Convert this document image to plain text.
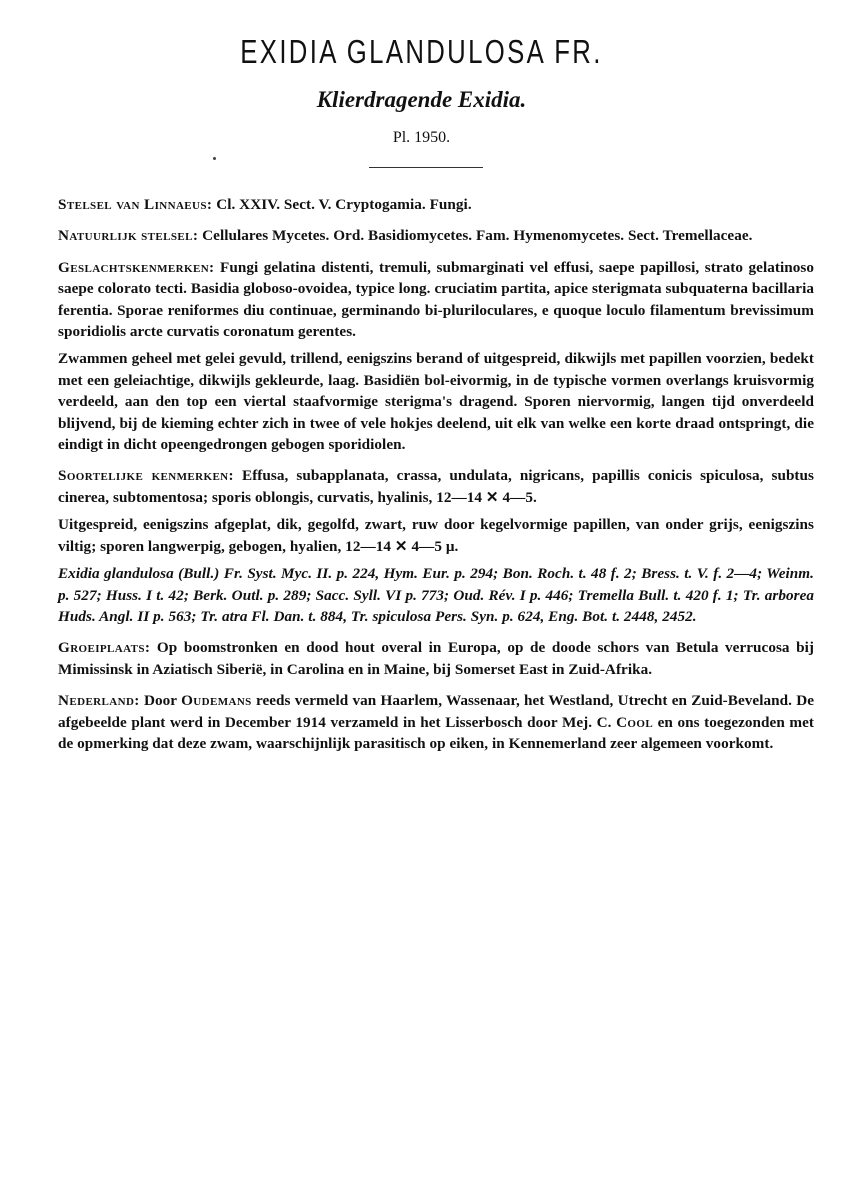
EXIDIA GLANDULOSA FR.
Klierdragende Exidia.
Pl. 1950.

Stelsel van Linnaeus: Cl. XXIV. Sect. V. Cryptogamia. Fungi.

Natuurlijk stelsel: Cellulares Mycetes. Ord. Basidiomycetes. Fam. Hymenomycetes. Sect. Tremellaceae.

Geslachtskenmerken: Fungi gelatina distenti, tremuli, submarginati vel effusi, saepe papillosi, strato gelatinoso saepe colorato tecti. Basidia globoso-ovoidea, typice long. cruciatim partita, apice sterigmata subquaterna bacillaria ferentia. Sporae reniformes diu continuae, germinando bi-pluriloculares, e quoque loculo filamentum brevissimum sporidiolis arcte curvatis coronatum gerentes.

Zwammen geheel met gelei gevuld, trillend, eenigszins berand of uitgespreid, dikwijls met papillen voorzien, bedekt met een geleiachtige, dikwijls gekleurde, laag. Basidiën bol-eivormig, in de typische vormen overlangs kruisvormig verdeeld, aan den top een viertal staafvormige sterigma's dragend. Sporen niervormig, langen tijd onverdeeld blijvend, bij de kieming echter zich in twee of vele hokjes deelend, uit elk van welke een korte draad ontspringt, die eindigt in dicht opeengedrongen gebogen sporidiolen.

Soortelijke kenmerken: Effusa, subapplanata, crassa, undulata, nigricans, papillis conicis spiculosa, subtus cinerea, subtomentosa; sporis oblongis, curvatis, hyalinis, 12—14 ✕ 4—5.

Uitgespreid, eenigszins afgeplat, dik, gegolfd, zwart, ruw door kegelvormige papillen, van onder grijs, eenigszins viltig; sporen langwerpig, gebogen, hyalien, 12—14 ✕ 4—5 μ.

Exidia glandulosa (Bull.) Fr. Syst. Myc. II. p. 224, Hym. Eur. p. 294; Bon. Roch. t. 48 f. 2; Bress. t. V. f. 2—4; Weinm. p. 527; Huss. I t. 42; Berk. Outl. p. 289; Sacc. Syll. VI p. 773; Oud. Rév. I p. 446; Tremella Bull. t. 420 f. 1; Tr. arborea Huds. Angl. II p. 563; Tr. atra Fl. Dan. t. 884, Tr. spiculosa Pers. Syn. p. 624, Eng. Bot. t. 2448, 2452.

Groeiplaats: Op boomstronken en dood hout overal in Europa, op de doode schors van Betula verrucosa bij Mimissinsk in Aziatisch Siberië, in Carolina en in Maine, bij Somerset East in Zuid-Afrika.

Nederland: Door Oudemans reeds vermeld van Haarlem, Wassenaar, het Westland, Utrecht en Zuid-Beveland. De afgebeelde plant werd in December 1914 verzameld in het Lisserbosch door Mej. C. Cool en ons toegezonden met de opmerking dat deze zwam, waarschijnlijk parasitisch op eiken, in Kennemerland zeer algemeen voorkomt.
